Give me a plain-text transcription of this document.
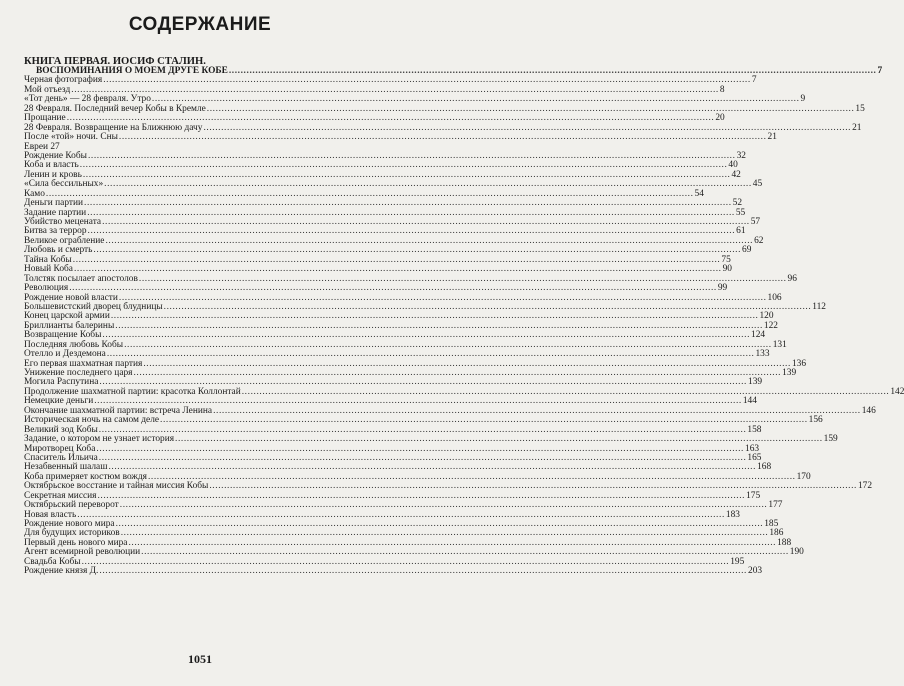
СОДЕРЖАНИЕ
КНИГА ПЕРВАЯ. ИОСИФ СТАЛИН.
ВОСПОМИНАНИЯ О МОЕМ ДРУГЕ КОБЕ ............................................................................................................................................................................................................................ 7
Черная фотография ............................................................................................................................................................................................................................ 7
Мой отъезд ............................................................................................................................................................................................................................ 8
«Тот день» — 28 февраля. Утро ............................................................................................................................................................................................................................ 9
28 Февраля. Последний вечер Кобы в Кремле ............................................................................................................................................................................................................................ 15
Прощание ............................................................................................................................................................................................................................ 20
28 Февраля. Возвращение на Ближнюю дачу ............................................................................................................................................................................................................................ 21
После «той» ночи. Сны ............................................................................................................................................................................................................................ 21
Евреи 27
Рождение Кобы ............................................................................................................................................................................................................................ 32
Коба и власть ............................................................................................................................................................................................................................ 40
Ленин и кровь ............................................................................................................................................................................................................................ 42
«Сила бессильных» ............................................................................................................................................................................................................................ 45
Камо ............................................................................................................................................................................................................................ 54
Деньги партии ............................................................................................................................................................................................................................ 52
Задание партии ............................................................................................................................................................................................................................ 55
Убийство мецената ............................................................................................................................................................................................................................ 57
Битва за террор ............................................................................................................................................................................................................................ 61
Великое ограбление ............................................................................................................................................................................................................................ 62
Любовь и смерть ............................................................................................................................................................................................................................ 69
Тайна Кобы ............................................................................................................................................................................................................................ 75
Новый Коба ............................................................................................................................................................................................................................ 90
Толстяк посылает апостолов ............................................................................................................................................................................................................................ 96
Революция ............................................................................................................................................................................................................................ 99
Рождение новой власти ............................................................................................................................................................................................................................ 106
Большевистский дворец блудницы ............................................................................................................................................................................................................................ 112
Конец царской армии ............................................................................................................................................................................................................................ 120
Бриллианты балерины ............................................................................................................................................................................................................................ 122
Возвращение Кобы ............................................................................................................................................................................................................................ 124
Последняя любовь Кобы ............................................................................................................................................................................................................................ 131
Отелло и Дездемона ............................................................................................................................................................................................................................ 133
Его первая шахматная партия ............................................................................................................................................................................................................................ 136
Унижение последнего царя ............................................................................................................................................................................................................................ 139
Могила Распутина ............................................................................................................................................................................................................................ 139
Продолжение шахматной партии: красотка Коллонтай ............................................................................................................................................................................................................................ 142
Немецкие деньги ............................................................................................................................................................................................................................ 144
Окончание шахматной партии: встреча Ленина ............................................................................................................................................................................................................................ 146
Историческая ночь на самом деле ............................................................................................................................................................................................................................ 156
Великий зод Кобы ............................................................................................................................................................................................................................ 158
Задание, о котором не узнает история ............................................................................................................................................................................................................................ 159
Миротворец Коба ............................................................................................................................................................................................................................ 163
Спаситель Ильича ............................................................................................................................................................................................................................ 165
Незабвенный шалаш ............................................................................................................................................................................................................................ 168
Коба примеряет костюм вождя ............................................................................................................................................................................................................................ 170
Октябрьское восстание и тайная миссия Кобы ............................................................................................................................................................................................................................ 172
Секретная миссия ............................................................................................................................................................................................................................ 175
Октябрьский переворот ............................................................................................................................................................................................................................ 177
Новая власть ............................................................................................................................................................................................................................ 183
Рождение нового мира ............................................................................................................................................................................................................................ 185
Для будущих историков ............................................................................................................................................................................................................................ 186
Первый день нового мира ............................................................................................................................................................................................................................ 188
Агент всемирной революции ............................................................................................................................................................................................................................ 190
Свадьба Кобы ............................................................................................................................................................................................................................ 195
Рождение князя Д. ............................................................................................................................................................................................................................ 203
1051
